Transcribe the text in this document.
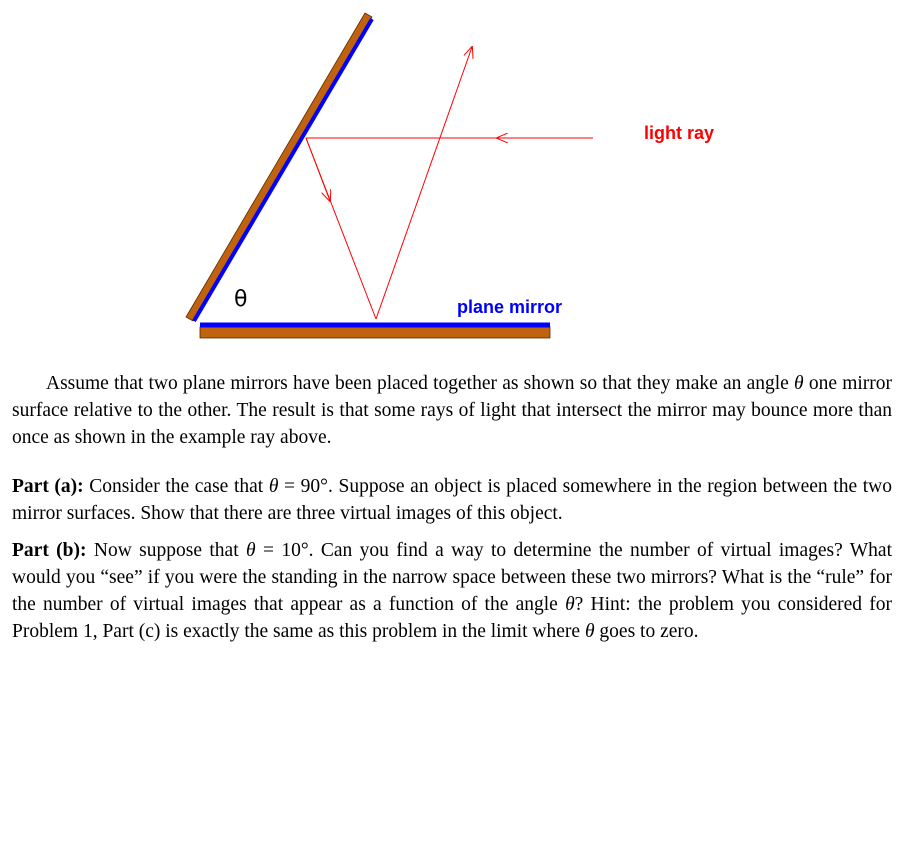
light ray
plane mirror
θ

Assume that two plane mirrors have been placed together as shown so that they make an angle θ one mirror surface relative to the other. The result is that some rays of light that intersect the mirror may bounce more than once as shown in the example ray above.

Part (a): Consider the case that θ = 90°. Suppose an object is placed somewhere in the region between the two mirror surfaces. Show that there are three virtual images of this object.

Part (b): Now suppose that θ = 10°. Can you find a way to determine the number of virtual images? What would you “see” if you were the standing in the narrow space between these two mirrors? What is the “rule” for the number of virtual images that appear as a function of the angle θ? Hint: the problem you considered for Problem 1, Part (c) is exactly the same as this problem in the limit where θ goes to zero.
